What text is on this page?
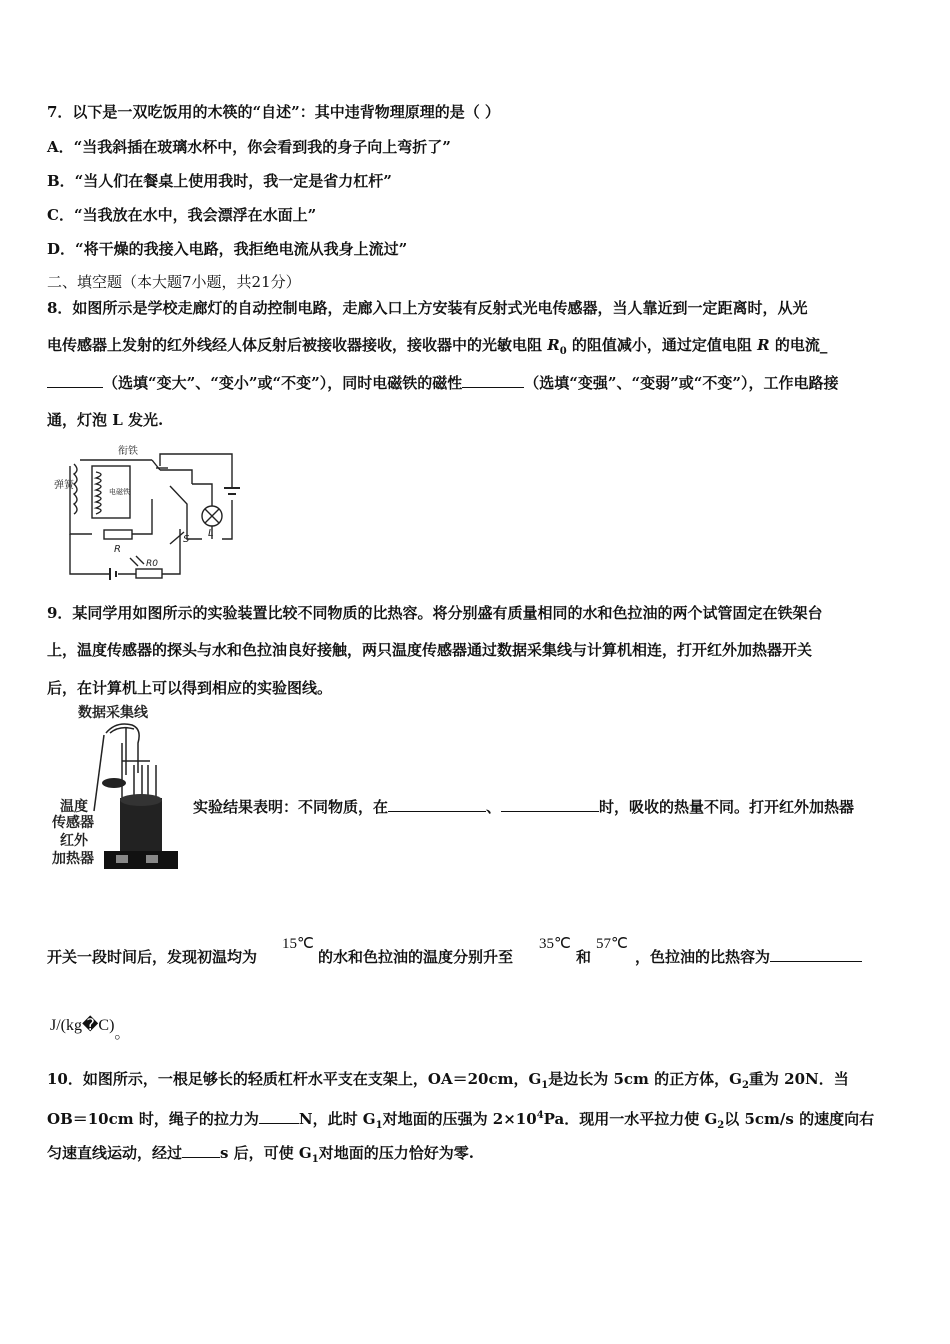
7．以下是一双吃饭用的木筷的“自述”：其中违背物理原理的是（ ）
A．“当我斜插在玻璃水杯中，你会看到我的身子向上弯折了”
B．“当人们在餐桌上使用我时，我一定是省力杠杆”
C．“当我放在水中，我会漂浮在水面上”
D．“将干燥的我接入电路，我拒绝电流从我身上流过”
二、填空题（本大题7小题，共21分）
8．如图所示是学校走廊灯的自动控制电路，走廊入口上方安装有反射式光电传感器，当人靠近到一定距离时，从光
电传感器上发射的红外线经人体反射后被接收器接收，接收器中的光敏电阻 $R_0$ 的阻值减小，通过定值电阻 R 的电流_
（选填“变大”、“变小”或“不变”），同时电磁铁的磁性	（选填“变强”、“变弱”或“不变”），工作电路接
通，灯泡 L 发光.
衔铁
弹簧
电磁铁
S
L
R
R0
9．某同学用如图所示的实验装置比较不同物质的比热容。将分别盛有质量相同的水和色拉油的两个试管固定在铁架台
上，温度传感器的探头与水和色拉油良好接触，两只温度传感器通过数据采集线与计算机相连，打开红外加热器开关
后，在计算机上可以得到相应的实验图线。
数据采集线
温度
传感器
红外
加热器
实验结果表明：不同物质，在	、	时，吸收的热量不同。打开红外加热器
开关一段时间后，发现初温均为
15℃
的水和色拉油的温度分别升至
35℃
和
57℃
，色拉油的比热容为
J/(kg�C)。
10．如图所示，一根足够长的轻质杠杆水平支在支架上，OA＝20cm，$G_1$是边长为 5cm 的正方体，$G_2$重为 20N．当
OB＝10cm 时，绳子的拉力为	N，此时 $G_1$对地面的压强为 $2\times 10^4Pa$．现用一水平拉力使 $G_2$以 5cm/s 的速度向右
匀速直线运动，经过	s 后，可使 $G_1$对地面的压力恰好为零.
